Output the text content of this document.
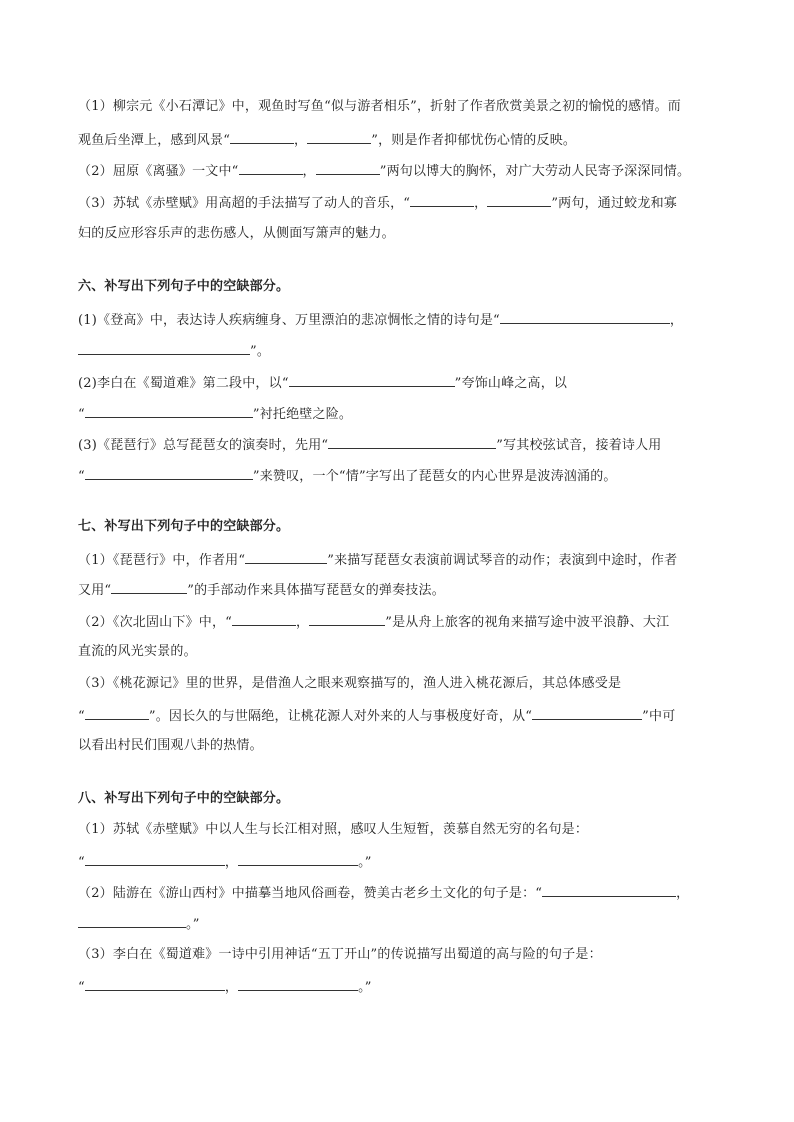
（1）柳宗元《小石潭记》中，观鱼时写鱼“似与游者相乐”，折射了作者欣赏美景之初的愉悦的感情。而
观鱼后坐潭上，感到风景“	，	”，则是作者抑郁忧伤心情的反映。
（2）屈原《离骚》一文中“	，	”两句以博大的胸怀，对广大劳动人民寄予深深同情。
（3）苏轼《赤壁赋》用高超的手法描写了动人的音乐，“	，	”两句，通过蛟龙和寡
妇的反应形容乐声的悲伤感人，从侧面写箫声的魅力。
六、补写出下列句子中的空缺部分。
(1)《登高》中，表达诗人疾病缠身、万里漂泊的悲凉惆怅之情的诗句是“	，
”。
(2)李白在《蜀道难》第二段中，以“	”夸饰山峰之高，以
“	”衬托绝壁之险。
(3)《琵琶行》总写琵琶女的演奏时，先用“	”写其校弦试音，接着诗人用
“	”来赞叹，一个“情”字写出了琵琶女的内心世界是波涛汹涌的。
七、补写出下列句子中的空缺部分。
（1）《琵琶行》中，作者用“	”来描写琵琶女表演前调试琴音的动作；表演到中途时，作者
又用“	”的手部动作来具体描写琵琶女的弹奏技法。
（2）《次北固山下》中，“	，	”是从舟上旅客的视角来描写途中波平浪静、大江
直流的风光实景的。
（3）《桃花源记》里的世界，是借渔人之眼来观察描写的，渔人进入桃花源后，其总体感受是
“	”。因长久的与世隔绝，让桃花源人对外来的人与事极度好奇，从“	”中可
以看出村民们围观八卦的热情。
八、补写出下列句子中的空缺部分。
（1）苏轼《赤壁赋》中以人生与长江相对照，感叹人生短暂，羡慕自然无穷的名句是：
“	，	。”
（2）陆游在《游山西村》中描摹当地风俗画卷，赞美古老乡土文化的句子是：“	，
。”
（3）李白在《蜀道难》一诗中引用神话“五丁开山”的传说描写出蜀道的高与险的句子是：
“	，	。”
